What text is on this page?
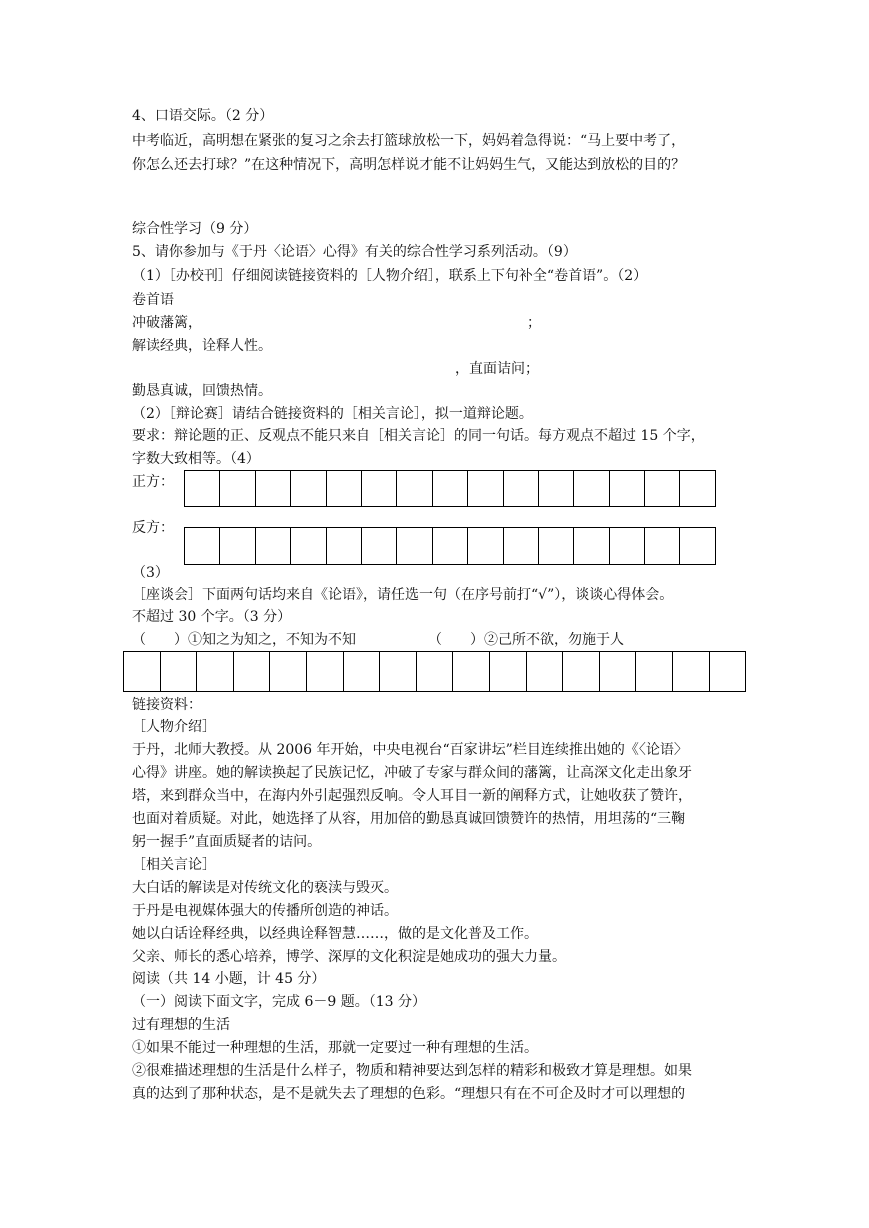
4、口语交际。（2 分）
中考临近，高明想在紧张的复习之余去打篮球放松一下，妈妈着急得说：“马上要中考了，
你怎么还去打球？”在这种情况下，高明怎样说才能不让妈妈生气，又能达到放松的目的？
综合性学习（9 分）
5、请你参加与《于丹〈论语〉心得》有关的综合性学习系列活动。（9）
（1）［办校刊］仔细阅读链接资料的［人物介绍］，联系上下句补全“卷首语”。（2）
卷首语
冲破藩篱，	；
解读经典，诠释人性。
，直面诘问；
勤恳真诚，回馈热情。
（2）［辩论赛］请结合链接资料的［相关言论］，拟一道辩论题。
要求：辩论题的正、反观点不能只来自［相关言论］的同一句话。每方观点不超过 15 个字，
字数大致相等。（4）
正方：
反方：
（3）
［座谈会］下面两句话均来自《论语》，请任选一句（在序号前打“√”），谈谈心得体会。
不超过 30 个字。（3 分）
（　　）①知之为知之，不知为不知	（　　）②己所不欲，勿施于人
链接资料：
［人物介绍］
于丹，北师大教授。从 2006 年开始，中央电视台“百家讲坛”栏目连续推出她的《〈论语〉
心得》讲座。她的解读换起了民族记忆，冲破了专家与群众间的藩篱，让高深文化走出象牙
塔，来到群众当中，在海内外引起强烈反响。令人耳目一新的阐释方式，让她收获了赞许，
也面对着质疑。对此，她选择了从容，用加倍的勤恳真诚回馈赞许的热情，用坦荡的“三鞠
躬一握手”直面质疑者的诘问。
［相关言论］
大白话的解读是对传统文化的亵渎与毁灭。
于丹是电视媒体强大的传播所创造的神话。
她以白话诠释经典，以经典诠释智慧……，做的是文化普及工作。
父亲、师长的悉心培养，博学、深厚的文化积淀是她成功的强大力量。
阅读（共 14 小题，计 45 分）
（一）阅读下面文字，完成 6－9 题。（13 分）
过有理想的生活
①如果不能过一种理想的生活，那就一定要过一种有理想的生活。
②很难描述理想的生活是什么样子，物质和精神要达到怎样的精彩和极致才算是理想。如果
真的达到了那种状态，是不是就失去了理想的色彩。“理想只有在不可企及时才可以理想的
